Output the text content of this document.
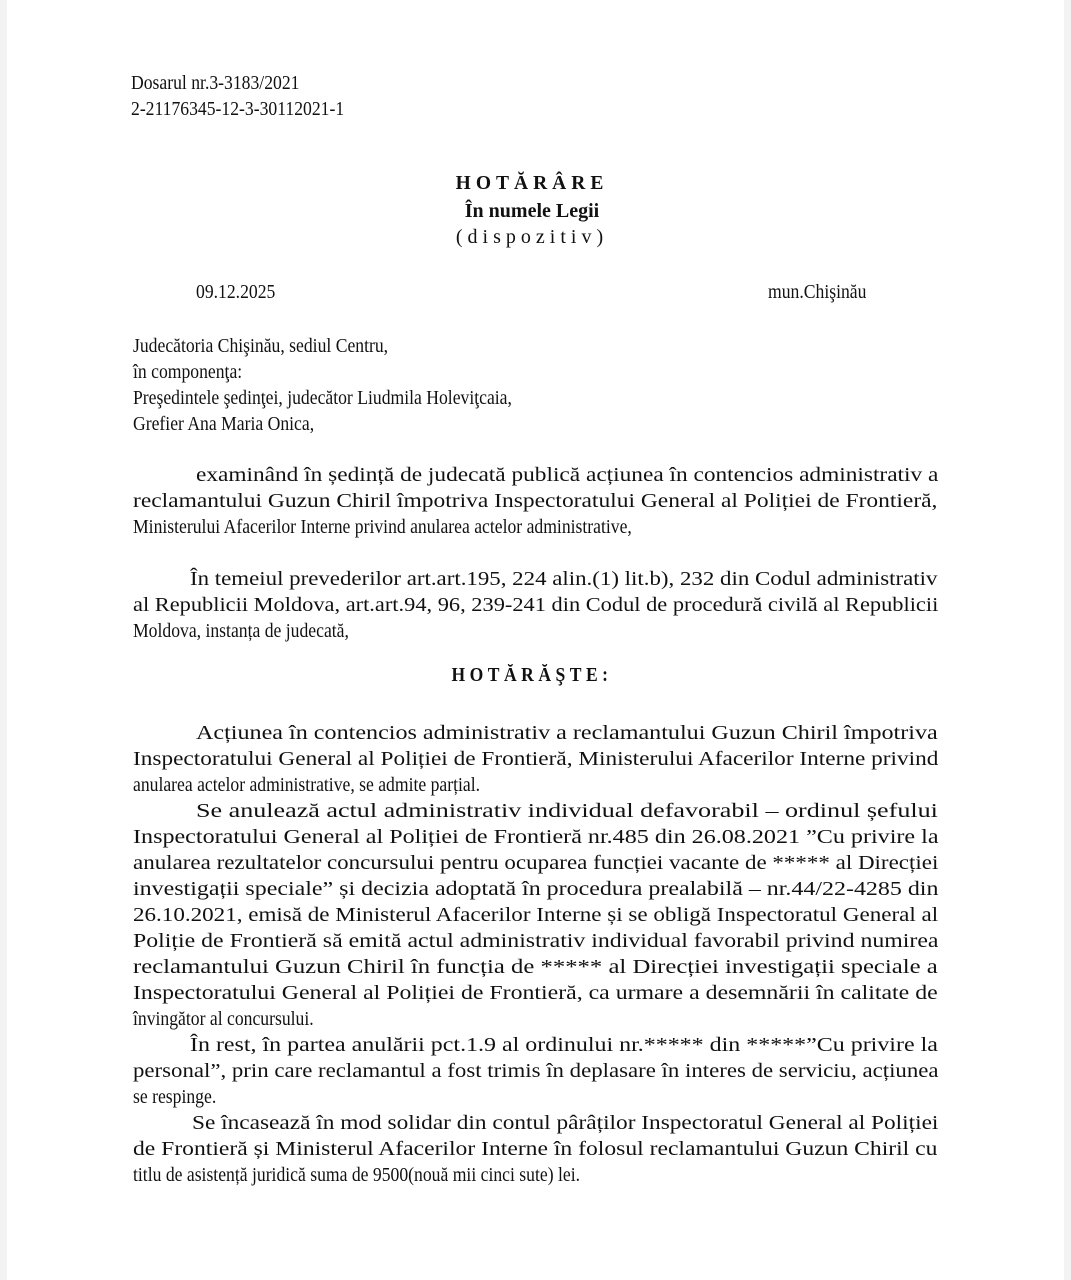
Dosarul nr.3-3183/2021
2-21176345-12-3-30112021-1
HOTĂRÂRE
În numele Legii
(dispozitiv)
09.12.2025	mun.Chişinău
Judecătoria Chişinău, sediul Centru,
în componenţa:
Preşedintele şedinţei, judecător Liudmila Holeviţcaia,
Grefier Ana Maria Onica,
examinând în ședință de judecată publică acțiunea în contencios administrativ a
reclamantului Guzun Chiril împotriva Inspectoratului General al Poliției de Frontieră,
Ministerului Afacerilor Interne privind anularea actelor administrative,
În temeiul prevederilor art.art.195, 224 alin.(1) lit.b), 232 din Codul administrativ
al Republicii Moldova, art.art.94, 96, 239-241 din Codul de procedură civilă al Republicii
Moldova, instanța de judecată,
HOTĂRĂŞTE:
Acțiunea în contencios administrativ a reclamantului Guzun Chiril împotriva
Inspectoratului General al Poliției de Frontieră, Ministerului Afacerilor Interne privind
anularea actelor administrative, se admite parțial.
Se anulează actul administrativ individual defavorabil – ordinul șefului
Inspectoratului General al Poliției de Frontieră nr.485 din 26.08.2021 ”Cu privire la
anularea rezultatelor concursului pentru ocuparea funcției vacante de ***** al Direcției
investigații speciale” și decizia adoptată în procedura prealabilă – nr.44/22-4285 din
26.10.2021, emisă de Ministerul Afacerilor Interne și se obligă Inspectoratul General al
Poliție de Frontieră să emită actul administrativ individual favorabil privind numirea
reclamantului Guzun Chiril în funcția de ***** al Direcției investigații speciale a
Inspectoratului General al Poliției de Frontieră, ca urmare a desemnării în calitate de
învingător al concursului.
În rest, în partea anulării pct.1.9 al ordinului nr.***** din *****”Cu privire la
personal”, prin care reclamantul a fost trimis în deplasare în interes de serviciu, acțiunea
se respinge.
Se încasează în mod solidar din contul pârâților Inspectoratul General al Poliției
de Frontieră și Ministerul Afacerilor Interne în folosul reclamantului Guzun Chiril cu
titlu de asistență juridică suma de 9500(nouă mii cinci sute) lei.
